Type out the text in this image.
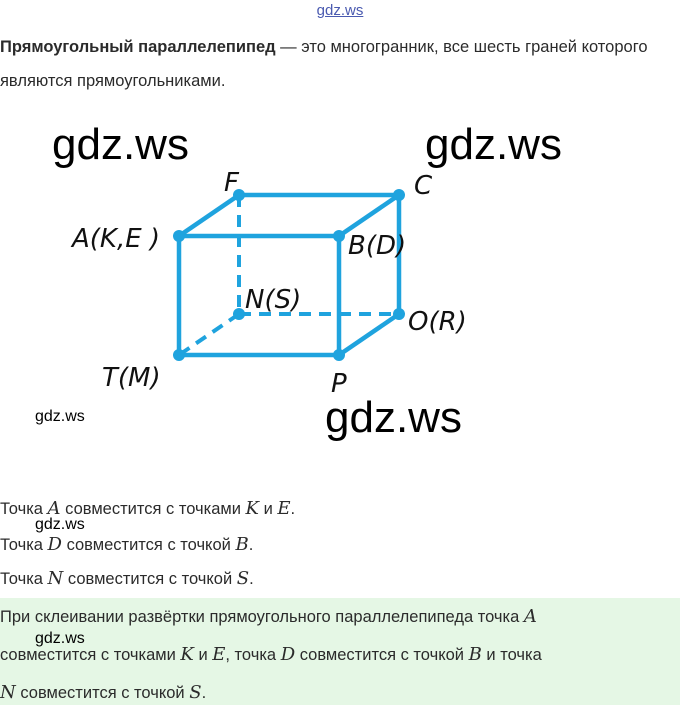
gdz.ws
Прямоугольный параллелепипед — это многогранник, все шесть граней которого являются прямоугольниками.
gdz.ws	gdz.ws
F	C
A(K,E )	B(D)
N(S)
O(R)
T(M)	P
gdz.ws
gdz.ws
Точка A совместится с точками K и E.
gdz.ws
Точка D совместится с точкой B.
Точка N совместится с точкой S.
При склеивании развёртки прямоугольного параллелепипеда точка A
совместится с точками K и E, точка D совместится с точкой B и точка
N совместится с точкой S.
gdz.ws
